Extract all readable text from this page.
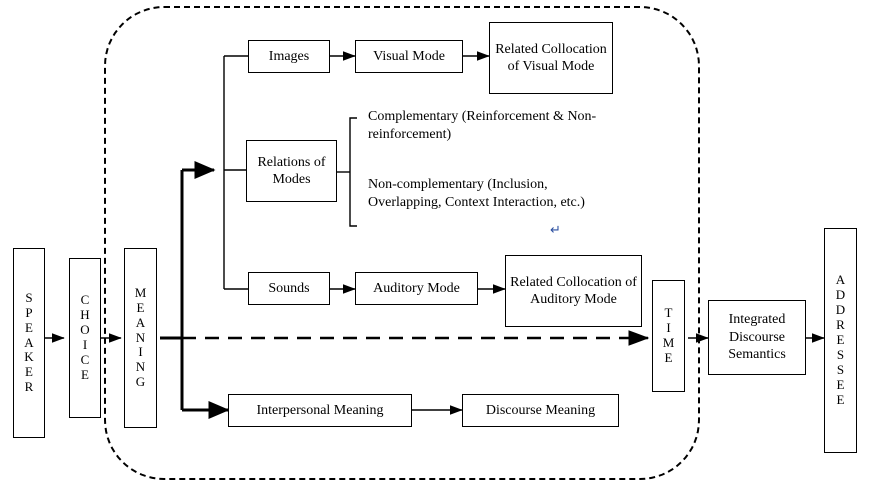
S
P
E
A
K
E
R
C
H
O
I
C
E
M
E
A
N
I
N
G
T
I
M
E
A
D
D
R
E
S
S
E
E
Images	Visual Mode	Related Collocation of Visual Mode
Relations of Modes
Sounds	Auditory Mode	Related Collocation of Auditory Mode
Interpersonal Meaning	Discourse Meaning
Integrated Discourse Semantics
Complementary (Reinforcement & Non-reinforcement)
Non-complementary (Inclusion, Overlapping, Context Interaction, etc.)
↵
